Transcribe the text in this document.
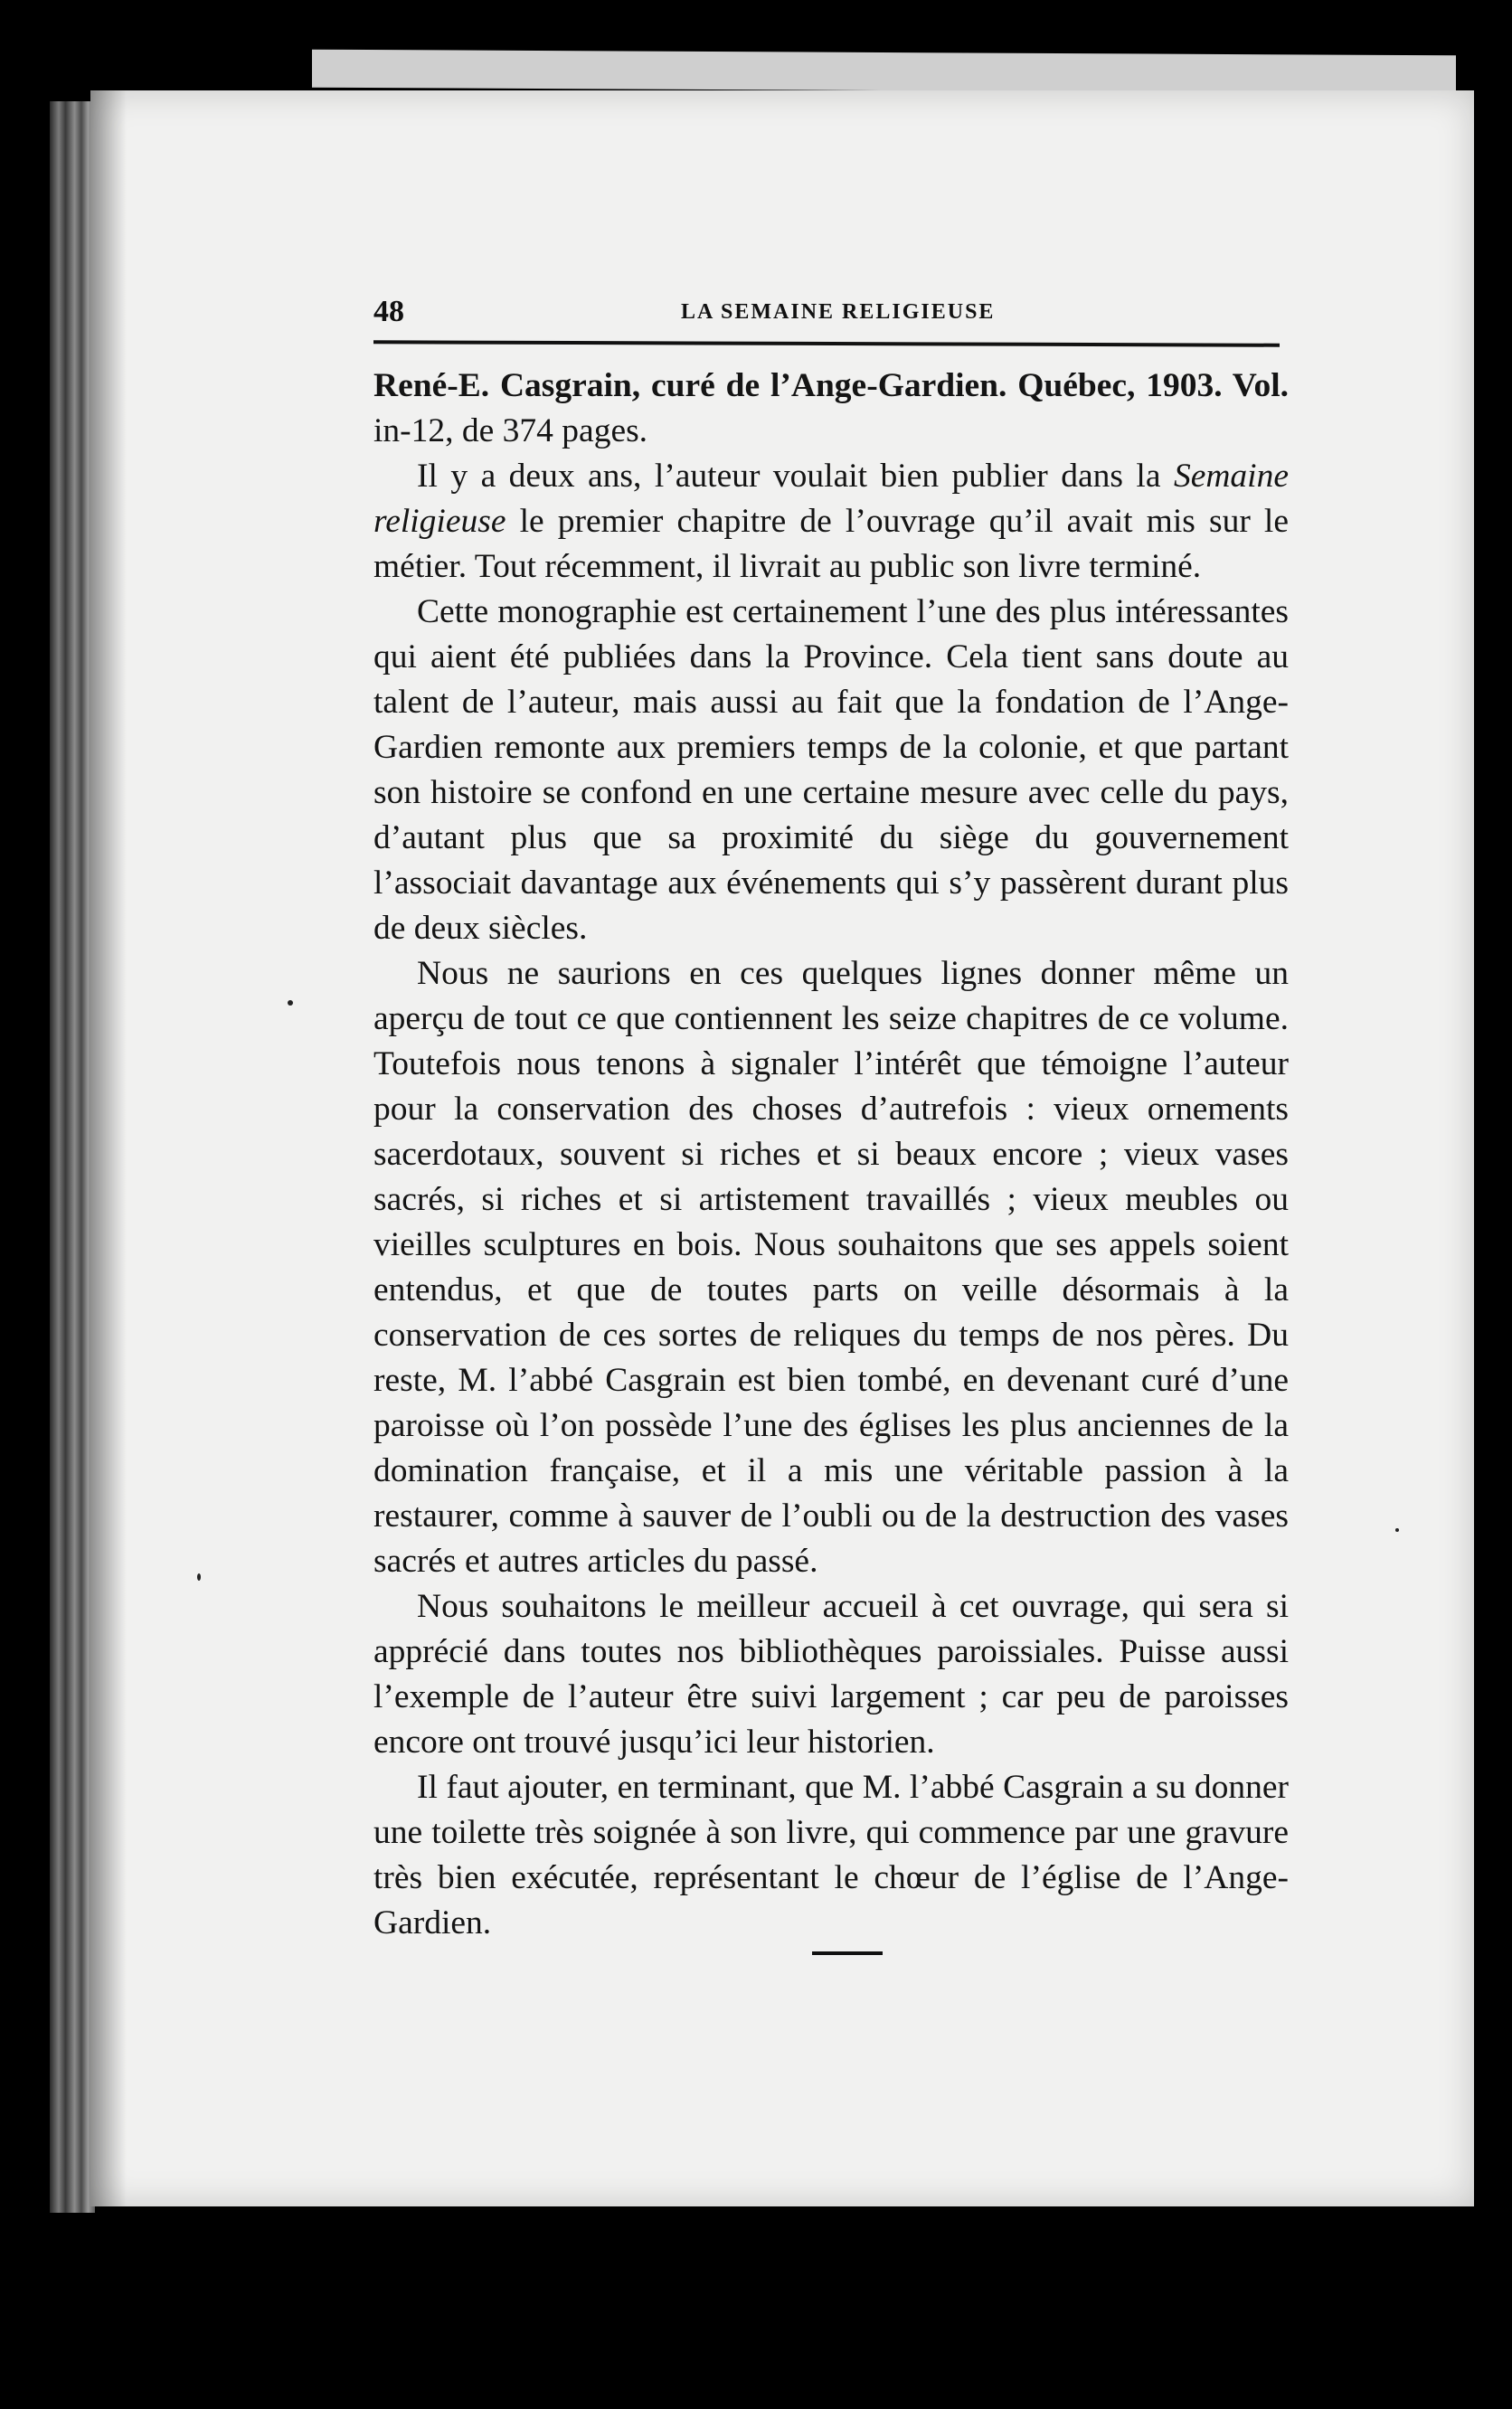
48	LA SEMAINE RELIGIEUSE

René-E. Casgrain, curé de l’Ange-Gardien. Québec, 1903. Vol. in-12, de 374 pages.

Il y a deux ans, l’auteur voulait bien publier dans la Semaine religieuse le premier chapitre de l’ouvrage qu’il avait mis sur le métier. Tout récemment, il livrait au public son livre terminé.

Cette monographie est certainement l’une des plus intéressantes qui aient été publiées dans la Province. Cela tient sans doute au talent de l’auteur, mais aussi au fait que la fondation de l’Ange-Gardien remonte aux premiers temps de la colonie, et que partant son histoire se confond en une certaine mesure avec celle du pays, d’autant plus que sa proximité du siège du gouvernement l’associait davantage aux événements qui s’y passèrent durant plus de deux siècles.

Nous ne saurions en ces quelques lignes donner même un aperçu de tout ce que contiennent les seize chapitres de ce volume. Toutefois nous tenons à signaler l’intérêt que témoigne l’auteur pour la conservation des choses d’autrefois : vieux ornements sacerdotaux, souvent si riches et si beaux encore ; vieux vases sacrés, si riches et si artistement travaillés ; vieux meubles ou vieilles sculptures en bois. Nous souhaitons que ses appels soient entendus, et que de toutes parts on veille désormais à la conservation de ces sortes de reliques du temps de nos pères. Du reste, M. l’abbé Casgrain est bien tombé, en devenant curé d’une paroisse où l’on possède l’une des églises les plus anciennes de la domination française, et il a mis une véritable passion à la restaurer, comme à sauver de l’oubli ou de la destruction des vases sacrés et autres articles du passé.

Nous souhaitons le meilleur accueil à cet ouvrage, qui sera si apprécié dans toutes nos bibliothèques paroissiales. Puisse aussi l’exemple de l’auteur être suivi largement ; car peu de paroisses encore ont trouvé jusqu’ici leur historien.

Il faut ajouter, en terminant, que M. l’abbé Casgrain a su donner une toilette très soignée à son livre, qui commence par une gravure très bien exécutée, représentant le chœur de l’église de l’Ange-Gardien.
